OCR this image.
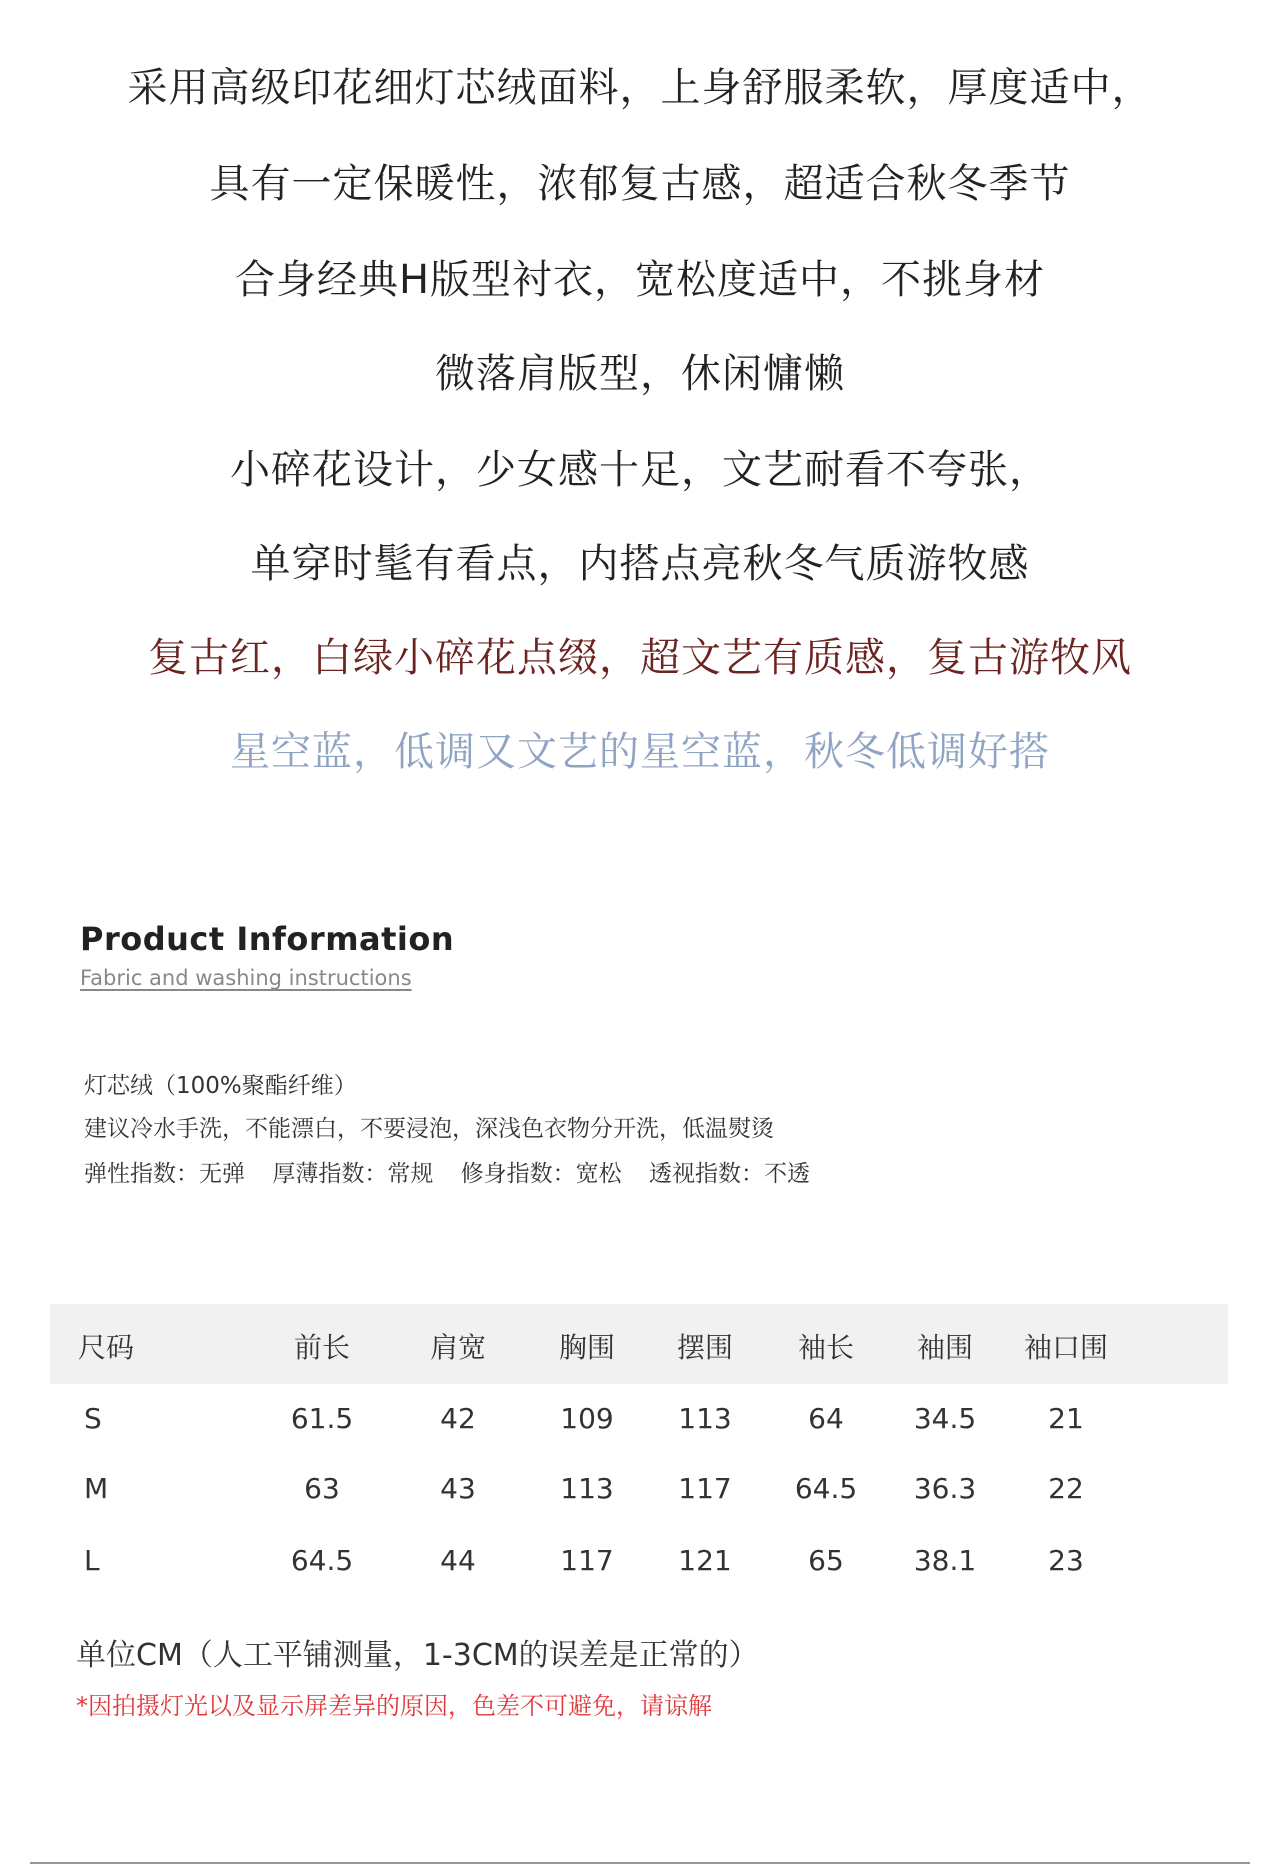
采用高级印花细灯芯绒面料，上身舒服柔软，厚度适中，
具有一定保暖性，浓郁复古感，超适合秋冬季节
合身经典H版型衬衣，宽松度适中，不挑身材
微落肩版型，休闲慵懒
小碎花设计，少女感十足，文艺耐看不夸张，
单穿时髦有看点，内搭点亮秋冬气质游牧感
复古红，白绿小碎花点缀，超文艺有质感，复古游牧风
星空蓝，低调又文艺的星空蓝，秋冬低调好搭
Product Information
Fabric and washing instructions
灯芯绒（100%聚酯纤维）
建议冷水手洗，不能漂白，不要浸泡，深浅色衣物分开洗，低温熨烫
弹性指数：无弹 厚薄指数：常规 修身指数：宽松 透视指数：不透
尺码	前长	肩宽	胸围 摆围 袖长 袖围 袖口围
S	61.5	42	109 113	64	34.5	21
M	63	43	113 117 64.5 36.3	22
L	64.5	44	117 121	65	38.1	23
单位CM（人工平铺测量，1-3CM的误差是正常的）
*因拍摄灯光以及显示屏差异的原因，色差不可避免，请谅解
